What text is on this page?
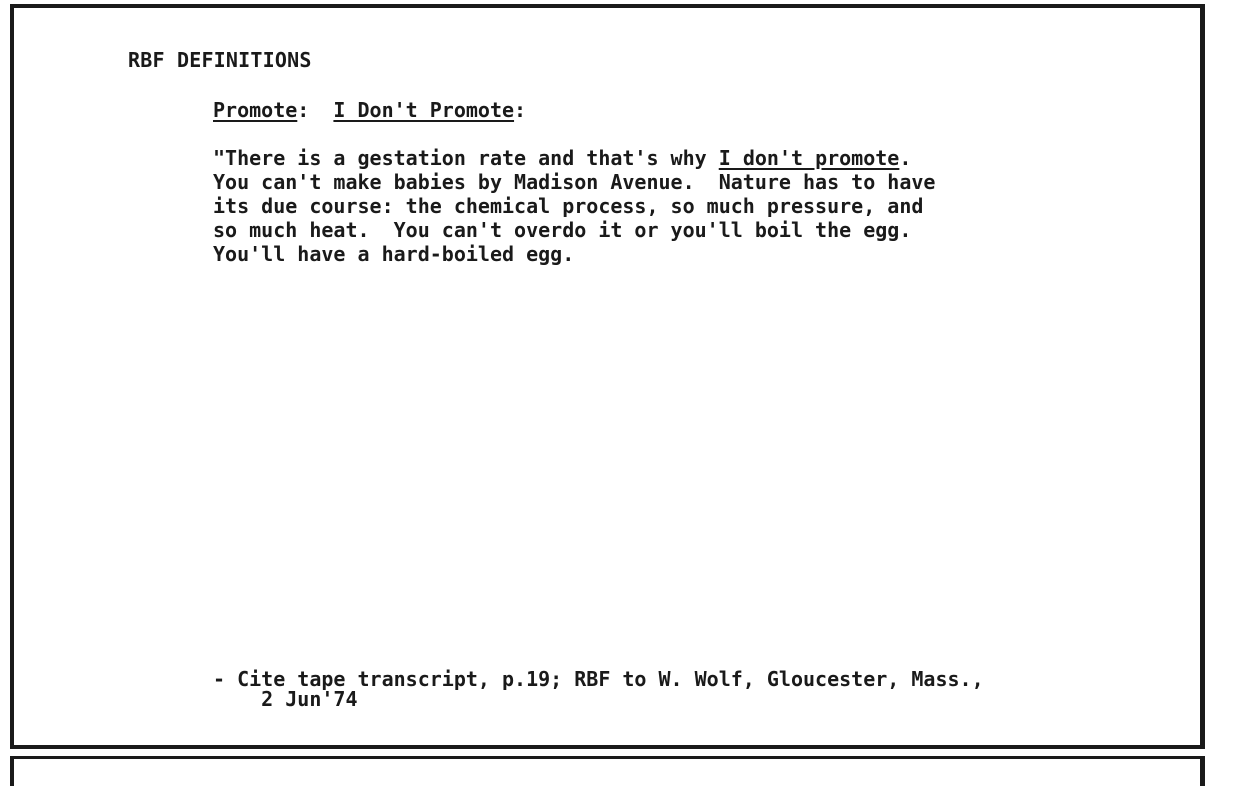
RBF DEFINITIONS
Promote:  I Don't Promote:
"There is a gestation rate and that's why I don't promote.
You can't make babies by Madison Avenue.  Nature has to have
its due course: the chemical process, so much pressure, and
so much heat.  You can't overdo it or you'll boil the egg.
You'll have a hard-boiled egg.
- Cite tape transcript, p.19; RBF to W. Wolf, Gloucester, Mass.,
2 Jun'74
